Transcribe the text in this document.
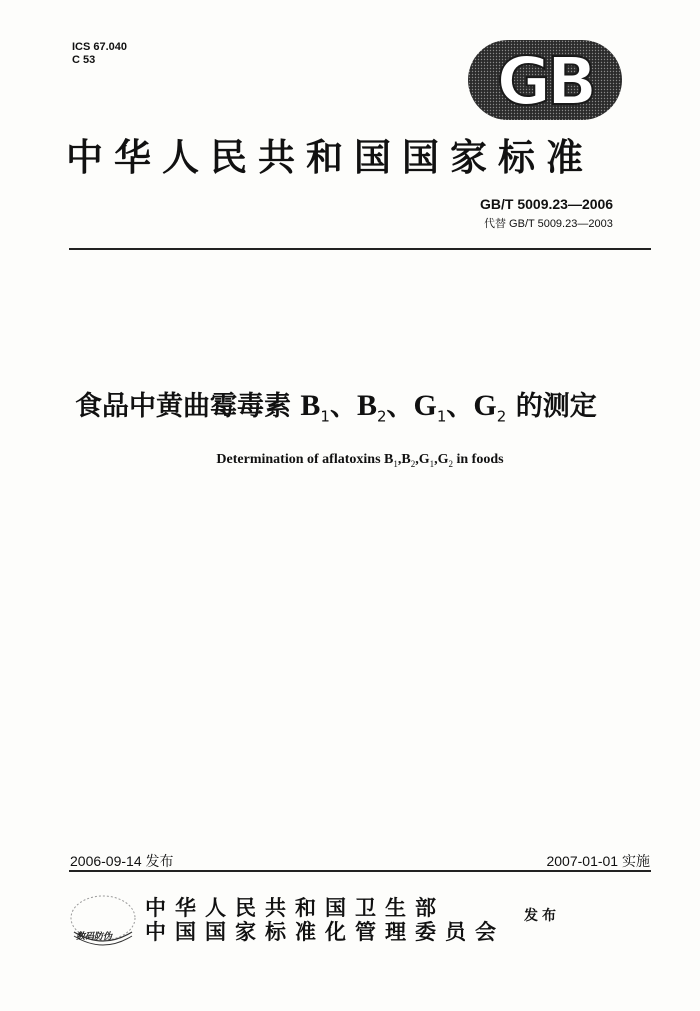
ICS 67.040
C 53	GB
中华人民共和国国家标准
GB/T 5009.23—2006
代替 GB/T 5009.23—2003
食品中黄曲霉毒素 $B_1$、$B_2$、$G_1$、$G_2$ 的测定
Determination of aflatoxins $B_1,B_2,G_1,G_2$ in foods
2006-09-14 发布	2007-01-01 实施
数码防伪
中华人民共和国卫生部
中国国家标准化管理委员会
发布
